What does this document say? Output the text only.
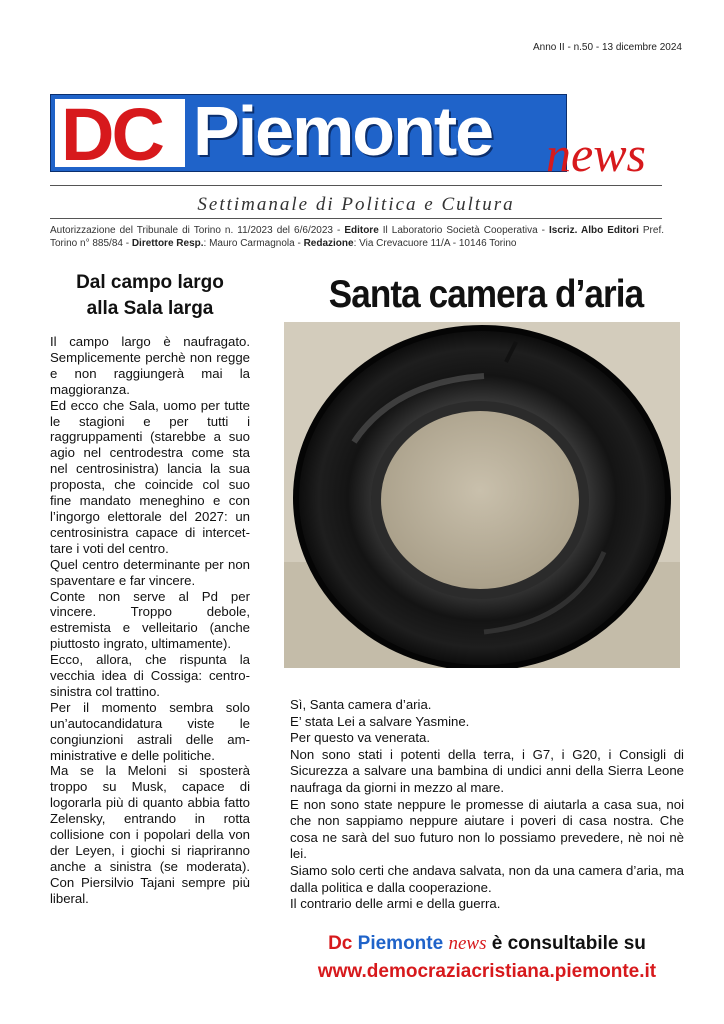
Anno II - n.50 - 13 dicembre 2024
DC Piemonte news
Settimanale di Politica e Cultura
Autorizzazione del Tribunale di Torino n. 11/2023 del 6/6/2023 - Editore Il Laboratorio Società Cooperativa - Iscriz. Albo Editori Pref. Torino n° 885/84 - Direttore Resp.: Mauro Carmagnola - Redazione: Via Crevacuore 11/A - 10146 Torino
Dal campo largo
alla Sala larga

Il campo largo è naufragato. Semplicemente perchè non regge e non raggiungerà mai la maggioranza.

Ed ecco che Sala, uomo per tutte le stagioni e per tutti i raggruppamenti (starebbe a suo agio nel centrodestra come sta nel centrosinistra) lancia la sua proposta, che coincide col suo fine mandato meneghino e con l’ingorgo elettorale del 2027: un centrosinistra capace di intercettare i voti del centro.

Quel centro determinante per non spaventare e far vincere.

Conte non serve al Pd per vincere. Troppo debole, estremista e velleitario (anche piuttosto ingrato, ultimamente).

Ecco, allora, che rispunta la vecchia idea di Cossiga: centro-sinistra col trattino.

Per il momento sembra solo un’autocandidatura viste le congiunzioni astrali delle amministrative e delle politiche.

Ma se la Meloni si sposterà troppo su Musk, capace di logorarla più di quanto abbia fatto Zelensky, entrando in rotta collisione con i popolari della von der Leyen, i giochi si riapriranno anche a sinistra (se moderata). Con Piersilvio Tajani sempre più liberal.

Santa camera d’aria

Sì, Santa camera d’aria.

E’ stata Lei a salvare Yasmine.

Per questo va venerata.

Non sono stati i potenti della terra, i G7, i G20, i Consigli di Sicurezza a salvare una bambina di undici anni della Sierra Leone naufraga da giorni in mezzo al mare.

E non sono state neppure le promesse di aiutarla a casa sua, noi che non sappiamo neppure aiutare i poveri di casa nostra. Che cosa ne sarà del suo futuro non lo possiamo prevedere, nè noi nè lei.

Siamo solo certi che andava salvata, non da una camera d’aria, ma dalla politica e dalla cooperazione.

Il contrario delle armi e della guerra.

Dc Piemonte news è consultabile su
www.democraziacristiana.piemonte.it
